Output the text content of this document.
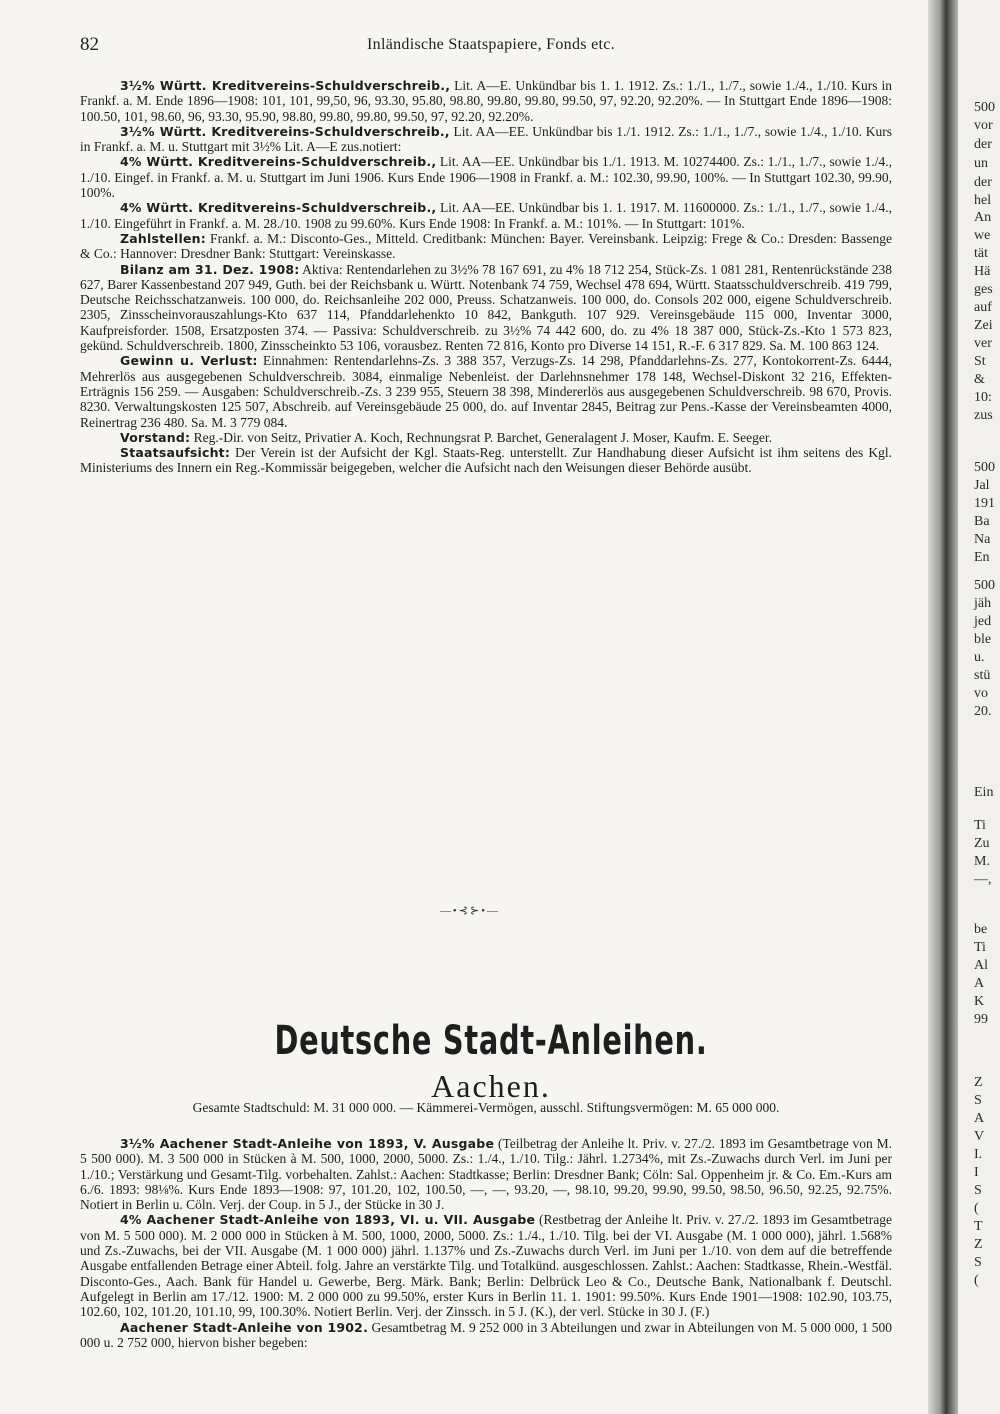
82	Inländische Staatspapiere, Fonds etc.

3½% Württ. Kreditvereins-Schuldverschreib., Lit. A—E. Unkündbar bis 1. 1. 1912. Zs.: 1./1., 1./7., sowie 1./4., 1./10. Kurs in Frankf. a. M. Ende 1896—1908: 101, 101, 99,50, 96, 93.30, 95.80, 98.80, 99.80, 99.80, 99.50, 97, 92.20, 92.20%. — In Stuttgart Ende 1896—1908: 100.50, 101, 98.60, 96, 93.30, 95.90, 98.80, 99.80, 99.80, 99.50, 97, 92.20, 92.20%.

3½% Württ. Kreditvereins-Schuldverschreib., Lit. AA—EE. Unkündbar bis 1./1. 1912. Zs.: 1./1., 1./7., sowie 1./4., 1./10. Kurs in Frankf. a. M. u. Stuttgart mit 3½% Lit. A—E zus.notiert:

4% Württ. Kreditvereins-Schuldverschreib., Lit. AA—EE. Unkündbar bis 1./1. 1913. M. 10274400. Zs.: 1./1., 1./7., sowie 1./4., 1./10. Eingef. in Frankf. a. M. u. Stuttgart im Juni 1906. Kurs Ende 1906—1908 in Frankf. a. M.: 102.30, 99.90, 100%. — In Stuttgart 102.30, 99.90, 100%.

4% Württ. Kreditvereins-Schuldverschreib., Lit. AA—EE. Unkündbar bis 1. 1. 1917. M. 11600000. Zs.: 1./1., 1./7., sowie 1./4., 1./10. Eingeführt in Frankf. a. M. 28./10. 1908 zu 99.60%. Kurs Ende 1908: In Frankf. a. M.: 101%. — In Stuttgart: 101%.

Zahlstellen: Frankf. a. M.: Disconto-Ges., Mitteld. Creditbank: München: Bayer. Vereinsbank. Leipzig: Frege & Co.: Dresden: Bassenge & Co.: Hannover: Dresdner Bank: Stuttgart: Vereinskasse.

Bilanz am 31. Dez. 1908: Aktiva: Rentendarlehen zu 3½% 78 167 691, zu 4% 18 712 254, Stück-Zs. 1 081 281, Rentenrückstände 238 627, Barer Kassenbestand 207 949, Guth. bei der Reichsbank u. Württ. Notenbank 74 759, Wechsel 478 694, Württ. Staatsschuldverschreib. 419 799, Deutsche Reichsschatzanweis. 100 000, do. Reichsanleihe 202 000, Preuss. Schatzanweis. 100 000, do. Consols 202 000, eigene Schuldverschreib. 2305, Zinsscheinvorauszahlungs-Kto 637 114, Pfanddarlehenkto 10 842, Bankguth. 107 929. Vereinsgebäude 115 000, Inventar 3000, Kaufpreisforder. 1508, Ersatzposten 374. — Passiva: Schuldverschreib. zu 3½% 74 442 600, do. zu 4% 18 387 000, Stück-Zs.-Kto 1 573 823, gekünd. Schuldverschreib. 1800, Zinsscheinkto 53 106, vorausbez. Renten 72 816, Konto pro Diverse 14 151, R.-F. 6 317 829. Sa. M. 100 863 124.

Gewinn u. Verlust: Einnahmen: Rentendarlehns-Zs. 3 388 357, Verzugs-Zs. 14 298, Pfanddarlehns-Zs. 277, Kontokorrent-Zs. 6444, Mehrerlös aus ausgegebenen Schuldverschreib. 3084, einmalige Nebenleist. der Darlehnsnehmer 178 148, Wechsel-Diskont 32 216, Effekten-Erträgnis 156 259. — Ausgaben: Schuldverschreib.-Zs. 3 239 955, Steuern 38 398, Mindererlös aus ausgegebenen Schuldverschreib. 98 670, Provis. 8230. Verwaltungskosten 125 507, Abschreib. auf Vereinsgebäude 25 000, do. auf Inventar 2845, Beitrag zur Pens.-Kasse der Vereinsbeamten 4000, Reinertrag 236 480. Sa. M. 3 779 084.

Vorstand: Reg.-Dir. von Seitz, Privatier A. Koch, Rechnungsrat P. Barchet, Generalagent J. Moser, Kaufm. E. Seeger.

Staatsaufsicht: Der Verein ist der Aufsicht der Kgl. Staats-Reg. unterstellt. Zur Handhabung dieser Aufsicht ist ihm seitens des Kgl. Ministeriums des Innern ein Reg.-Kommissär beigegeben, welcher die Aufsicht nach den Weisungen dieser Behörde ausübt.

—•⊰⊱•—
Deutsche Stadt-Anleihen.
Aachen.

Gesamte Stadtschuld: M. 31 000 000. — Kämmerei-Vermögen, ausschl. Stiftungsvermögen: M. 65 000 000.

3½% Aachener Stadt-Anleihe von 1893, V. Ausgabe (Teilbetrag der Anleihe lt. Priv. v. 27./2. 1893 im Gesamtbetrage von M. 5 500 000). M. 3 500 000 in Stücken à M. 500, 1000, 2000, 5000. Zs.: 1./4., 1./10. Tilg.: Jährl. 1.2734%, mit Zs.-Zuwachs durch Verl. im Juni per 1./10.; Verstärkung und Gesamt-Tilg. vorbehalten. Zahlst.: Aachen: Stadtkasse; Berlin: Dresdner Bank; Cöln: Sal. Oppenheim jr. & Co. Em.-Kurs am 6./6. 1893: 98⅛%. Kurs Ende 1893—1908: 97, 101.20, 102, 100.50, —, —, 93.20, —, 98.10, 99.20, 99.90, 99.50, 98.50, 96.50, 92.25, 92.75%. Notiert in Berlin u. Cöln. Verj. der Coup. in 5 J., der Stücke in 30 J.

4% Aachener Stadt-Anleihe von 1893, VI. u. VII. Ausgabe (Restbetrag der Anleihe lt. Priv. v. 27./2. 1893 im Gesamtbetrage von M. 5 500 000). M. 2 000 000 in Stücken à M. 500, 1000, 2000, 5000. Zs.: 1./4., 1./10. Tilg. bei der VI. Ausgabe (M. 1 000 000), jährl. 1.568% und Zs.-Zuwachs, bei der VII. Ausgabe (M. 1 000 000) jährl. 1.137% und Zs.-Zuwachs durch Verl. im Juni per 1./10. von dem auf die betreffende Ausgabe entfallenden Betrage einer Abteil. folg. Jahre an verstärkte Tilg. und Totalkünd. ausgeschlossen. Zahlst.: Aachen: Stadtkasse, Rhein.-Westfäl. Disconto-Ges., Aach. Bank für Handel u. Gewerbe, Berg. Märk. Bank; Berlin: Delbrück Leo & Co., Deutsche Bank, Nationalbank f. Deutschl. Aufgelegt in Berlin am 17./12. 1900: M. 2 000 000 zu 99.50%, erster Kurs in Berlin 11. 1. 1901: 99.50%. Kurs Ende 1901—1908: 102.90, 103.75, 102.60, 102, 101.20, 101.10, 99, 100.30%. Notiert Berlin. Verj. der Zinssch. in 5 J. (K.), der verl. Stücke in 30 J. (F.)

Aachener Stadt-Anleihe von 1902. Gesamtbetrag M. 9 252 000 in 3 Abteilungen und zwar in Abteilungen von M. 5 000 000, 1 500 000 u. 2 752 000, hiervon bisher begeben:

500
vor
der
un
der
hel
An
we
tät
Hä
ges
auf
Zei
ver
St
&
10:
zus
500
Jal
191
Ba
Na
En
500
jäh
jed
ble
u.
stü
vo
20.
Ein
Ti
Zu
M.
—,
be
Ti
Al
A
K
99
Z
S
A
V
I.
I
S
(
T
Z
S
(
